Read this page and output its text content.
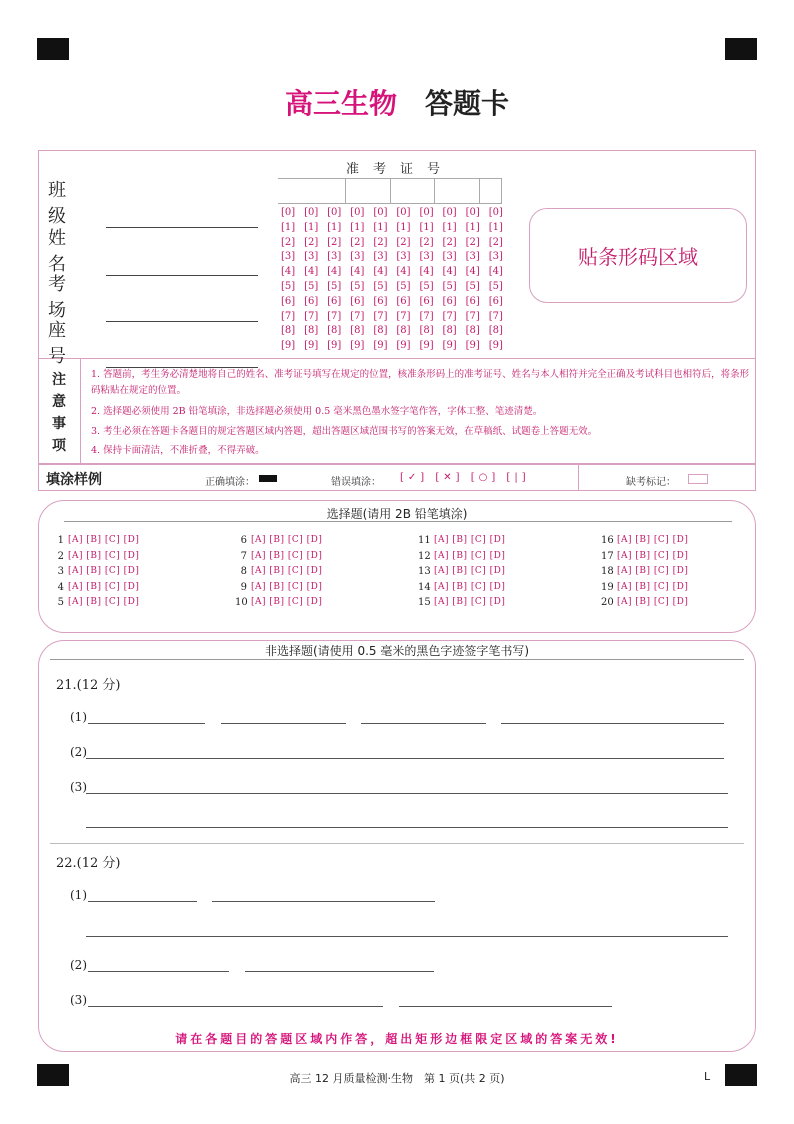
高三生物 答题卡
班级
姓名
考场
座号
准考证号
[0] [0] [0] [0] [0] [0] [0] [0] [0] [0]
[1] [1] [1] [1] [1] [1] [1] [1] [1] [1]
[2] [2] [2] [2] [2] [2] [2] [2] [2] [2]
[3] [3] [3] [3] [3] [3] [3] [3] [3] [3]
[4] [4] [4] [4] [4] [4] [4] [4] [4] [4]
[5] [5] [5] [5] [5] [5] [5] [5] [5] [5]
[6] [6] [6] [6] [6] [6] [6] [6] [6] [6]
[7] [7] [7] [7] [7] [7] [7] [7] [7] [7]
[8] [8] [8] [8] [8] [8] [8] [8] [8] [8]
[9] [9] [9] [9] [9] [9] [9] [9] [9] [9]
贴条形码区域
注
意
事
项
1. 答题前，考生务必清楚地将自己的姓名、准考证号填写在规定的位置，核准条形码上的准考证号、姓名与本人相符并完全正确及考试科目也相符后，将条形码粘贴在规定的位置。
2. 选择题必须使用 2B 铅笔填涂，非选择题必须使用 0.5 毫米黑色墨水签字笔作答，字体工整、笔迹清楚。
3. 考生必须在答题卡各题目的规定答题区域内答题，超出答题区域范围书写的答案无效，在草稿纸、试题卷上答题无效。
4. 保持卡面清洁，不准折叠，不得弄破。
填涂样例	正确填涂：	错误填涂： [✓] [✕] [○] [|]	缺考标记：
选择题(请用 2B 铅笔填涂)
1 [A] [B] [C] [D]
2 [A] [B] [C] [D]
3 [A] [B] [C] [D]
4 [A] [B] [C] [D]
5 [A] [B] [C] [D]
6 [A] [B] [C] [D]
7 [A] [B] [C] [D]
8 [A] [B] [C] [D]
9 [A] [B] [C] [D]
10 [A] [B] [C] [D]
11 [A] [B] [C] [D]
12 [A] [B] [C] [D]
13 [A] [B] [C] [D]
14 [A] [B] [C] [D]
15 [A] [B] [C] [D]
16 [A] [B] [C] [D]
17 [A] [B] [C] [D]
18 [A] [B] [C] [D]
19 [A] [B] [C] [D]
20 [A] [B] [C] [D]
非选择题(请使用 0.5 毫米的黑色字迹签字笔书写)
21.(12 分)
(1)
(2)
(3)
22.(12 分)
(1)
(2)
(3)
请在各题目的答题区域内作答，超出矩形边框限定区域的答案无效!
高三 12 月质量检测·生物　第 1 页(共 2 页)	L
